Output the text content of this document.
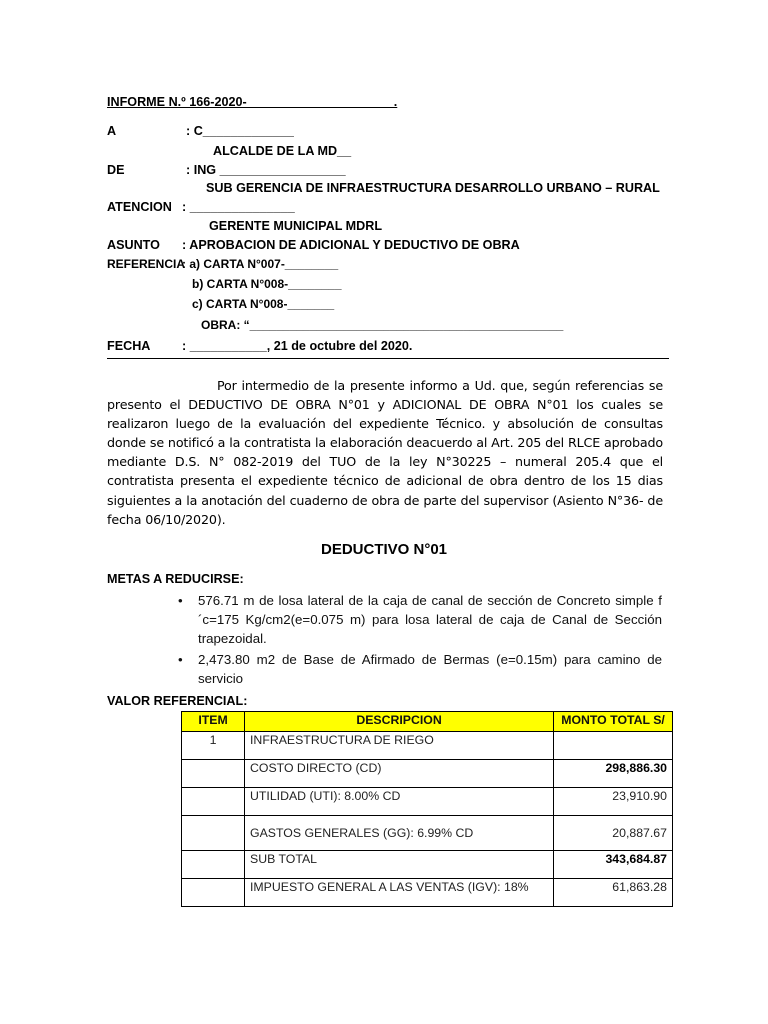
INFORME N.º 166-2020-_____________________.
A	: C_____________
ALCALDE DE LA MD__
DE	: ING __________________
SUB GERENCIA DE INFRAESTRUCTURA DESARROLLO URBANO – RURAL
ATENCION : _______________
GERENTE MUNICIPAL MDRL
ASUNTO : APROBACION DE ADICIONAL Y DEDUCTIVO DE OBRA
REFERENCIA
: a) CARTA N°007-________
b) CARTA N°008-________
c) CARTA N°008-_______
OBRA: “_______________________________________________
FECHA	: ___________, 21 de octubre del 2020.
Por intermedio de la presente informo a Ud. que, según referencias se presento el DEDUCTIVO DE OBRA N°01 y ADICIONAL DE OBRA N°01 los cuales se realizaron luego de la evaluación del expediente Técnico. y absolución de consultas donde se notificó a la contratista la elaboración deacuerdo al Art. 205 del RLCE aprobado mediante D.S. N° 082-2019 del TUO de la ley N°30225 – numeral 205.4 que el contratista presenta el expediente técnico de adicional de obra dentro de los 15 dias siguientes a la anotación del cuaderno de obra de parte del supervisor (Asiento N°36- de fecha 06/10/2020).
DEDUCTIVO N°01
METAS A REDUCIRSE:
•	576.71 m de losa lateral de la caja de canal de sección de Concreto simple f´c=175 Kg/cm2(e=0.075 m) para losa lateral de caja de Canal de Sección trapezoidal.
•	2,473.80 m2 de Base de Afirmado de Bermas (e=0.15m) para camino de servicio
VALOR REFERENCIAL:
ITEM	DESCRIPCION	MONTO TOTAL S/
1	INFRAESTRUCTURA DE RIEGO	
	COSTO DIRECTO (CD)	298,886.30
	UTILIDAD (UTI): 8.00% CD	23,910.90
	GASTOS GENERALES (GG): 6.99% CD	20,887.67
	SUB TOTAL	343,684.87
	IMPUESTO GENERAL A LAS VENTAS (IGV): 18%	61,863.28
